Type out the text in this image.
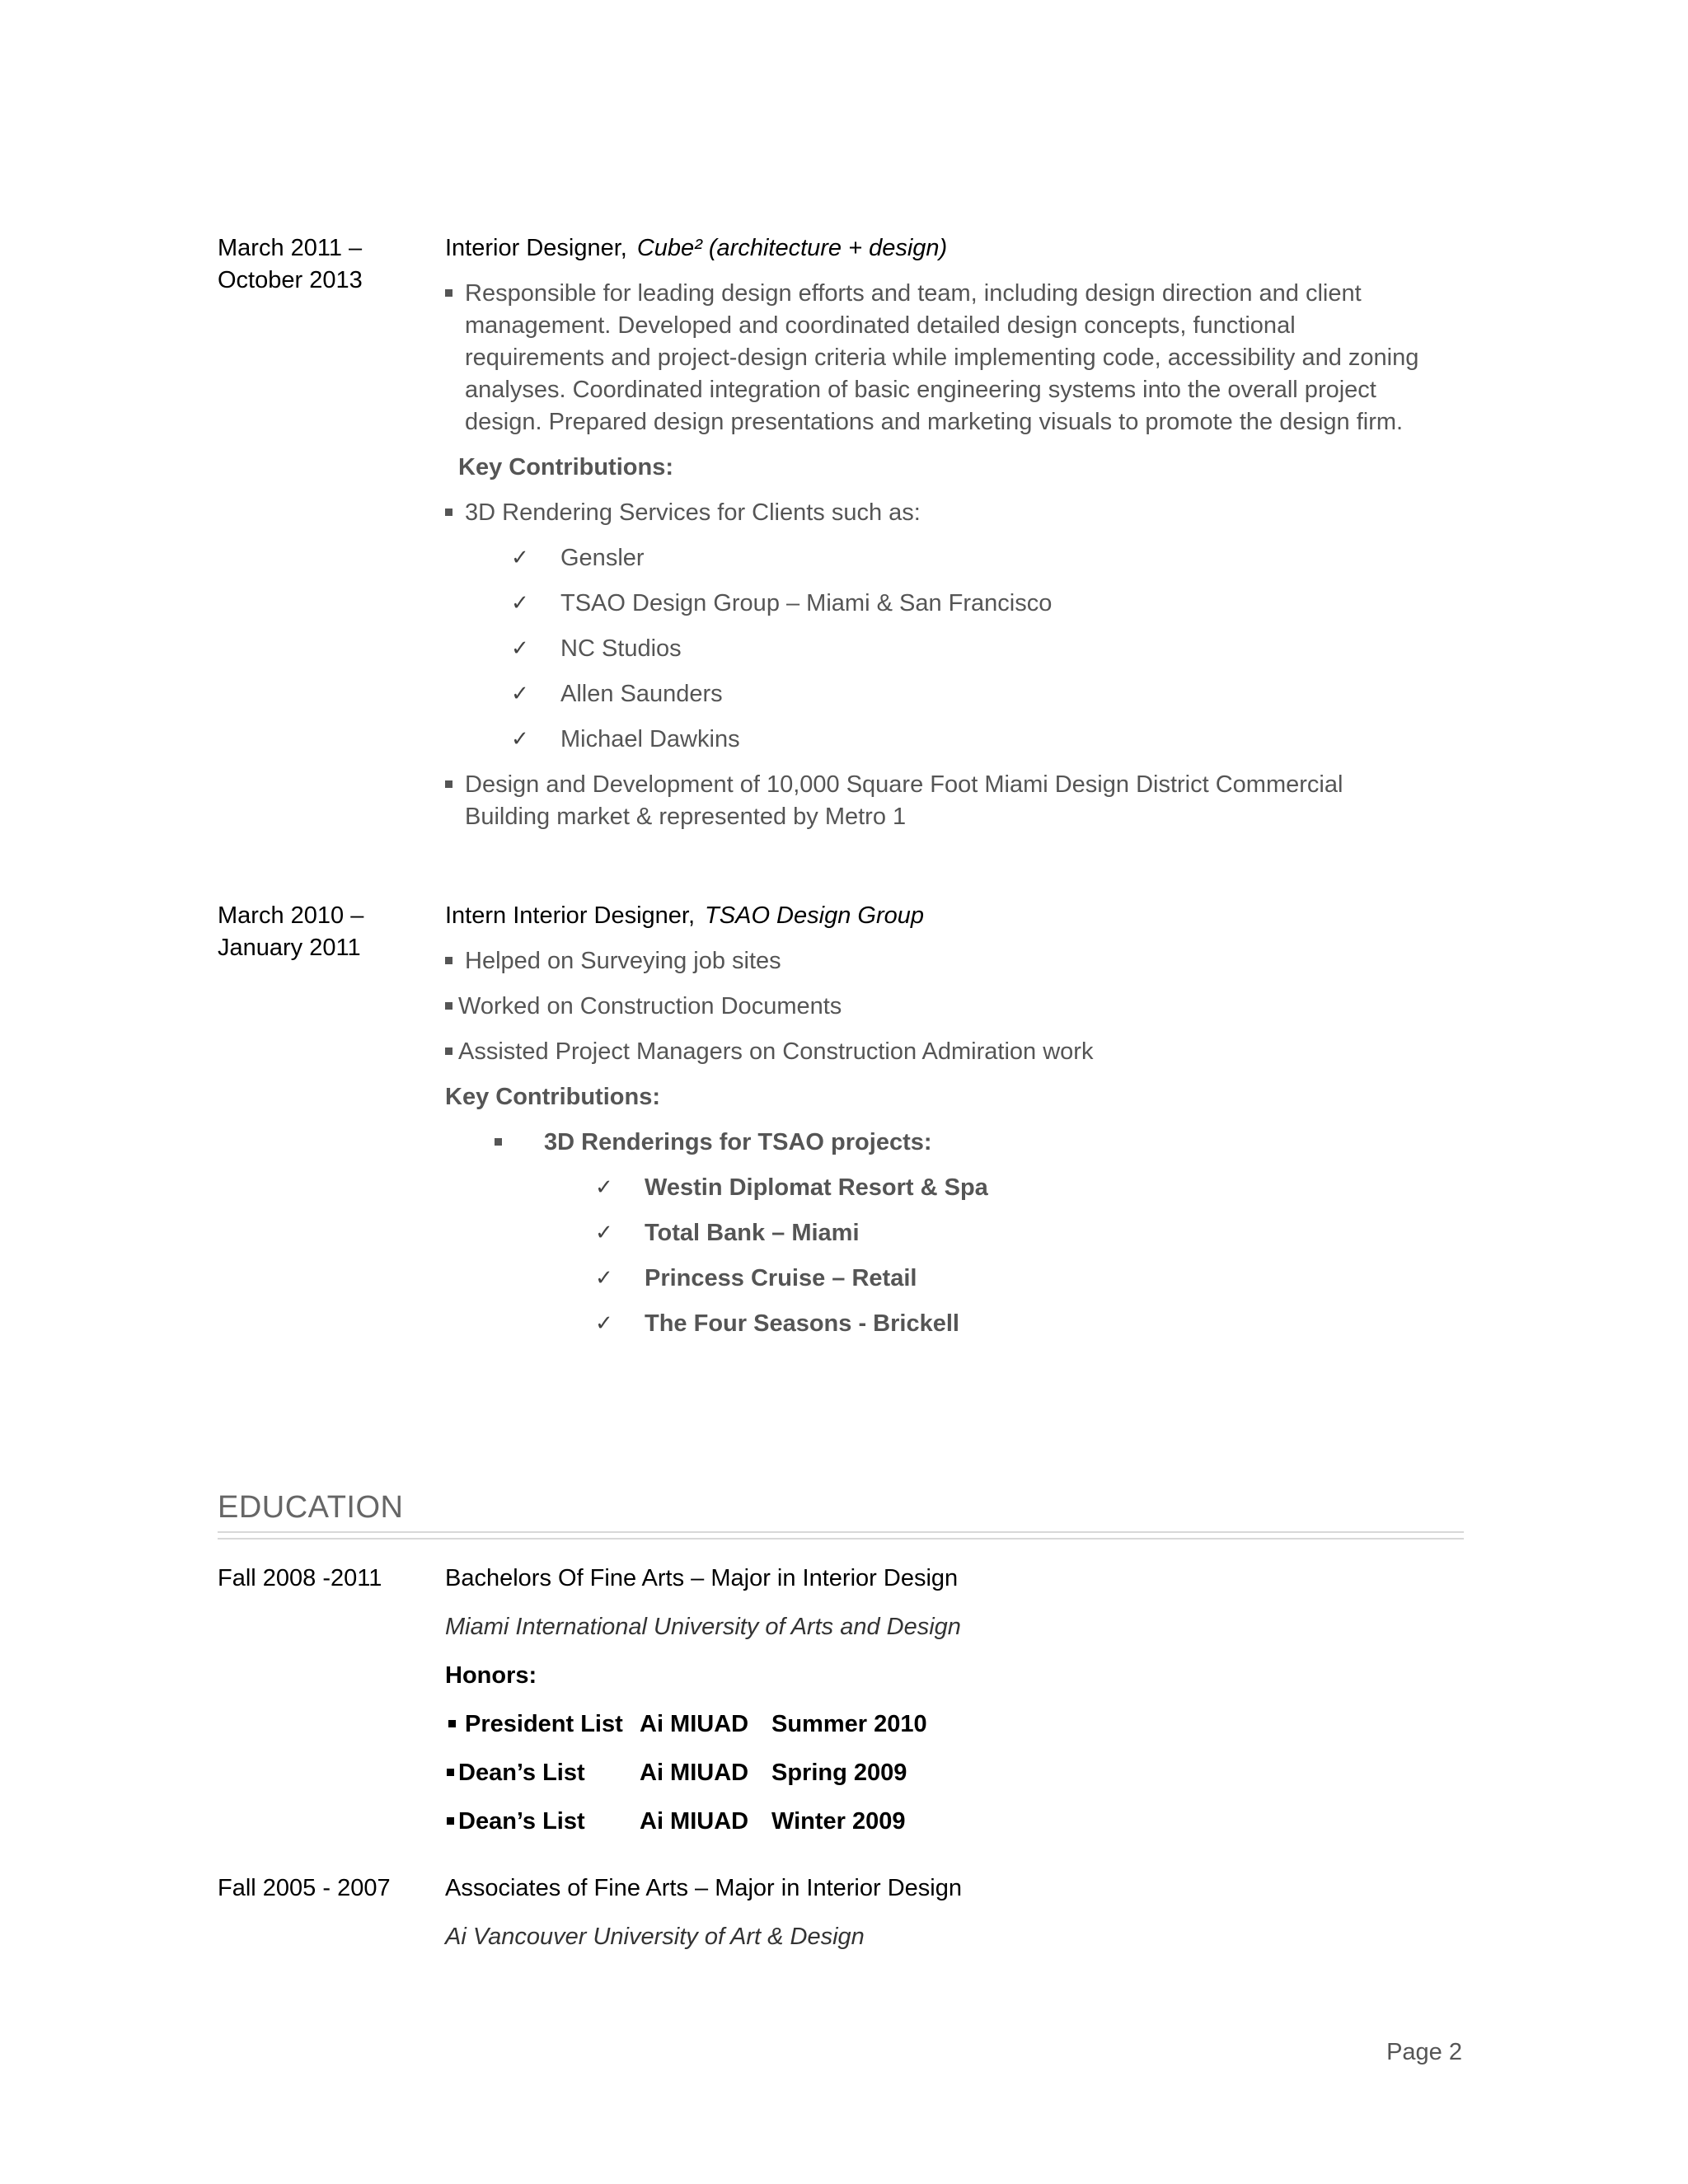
March 2011 –
October 2013
Interior Designer, Cube² (architecture + design)
Responsible for leading design efforts and team, including design direction and client management. Developed and coordinated detailed design concepts, functional requirements and project-design criteria while implementing code, accessibility and zoning analyses. Coordinated integration of basic engineering systems into the overall project design. Prepared design presentations and marketing visuals to promote the design firm.
Key Contributions:
3D Rendering Services for Clients such as:
✓ Gensler
✓ TSAO Design Group – Miami & San Francisco
✓ NC Studios
✓ Allen Saunders
✓ Michael Dawkins
Design and Development of 10,000 Square Foot Miami Design District Commercial Building market & represented by Metro 1
March 2010 –
January 2011
Intern Interior Designer, TSAO Design Group
Helped on Surveying job sites
Worked on Construction Documents
Assisted Project Managers on Construction Admiration work
Key Contributions:
3D Renderings for TSAO projects:
✓ Westin Diplomat Resort & Spa
✓ Total Bank – Miami
✓ Princess Cruise – Retail
✓ The Four Seasons - Brickell
EDUCATION
Fall 2008 -2011	Bachelors Of Fine Arts – Major in Interior Design
Miami International University of Arts and Design
Honors:
President List Ai MIUAD Summer 2010
Dean’s List Ai MIUAD Spring 2009
Dean’s List Ai MIUAD Winter 2009
Fall 2005 - 2007	Associates of Fine Arts – Major in Interior Design
Ai Vancouver University of Art & Design
Page 2
